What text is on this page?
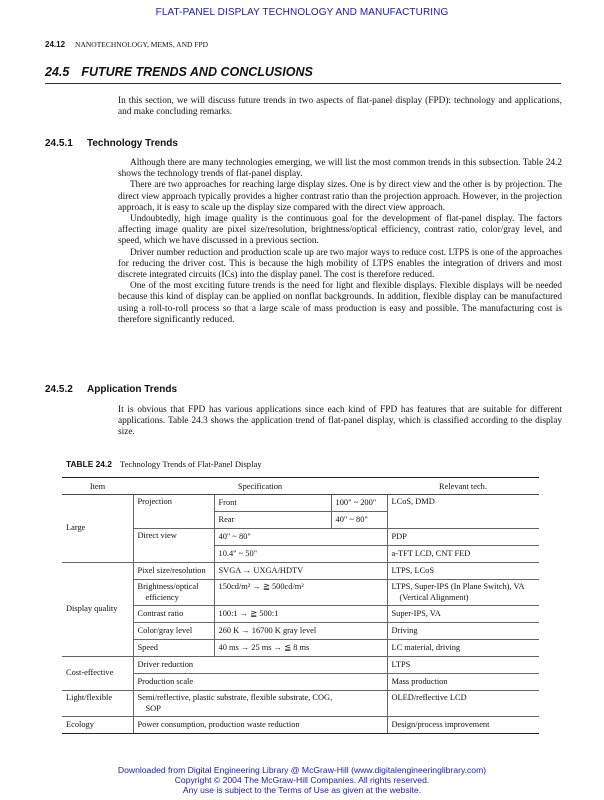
FLAT-PANEL DISPLAY TECHNOLOGY AND MANUFACTURING
24.12 NANOTECHNOLOGY, MEMS, AND FPD
24.5 FUTURE TRENDS AND CONCLUSIONS

In this section, we will discuss future trends in two aspects of flat-panel display (FPD): technology and applications, and make concluding remarks.

24.5.1 Technology Trends

Although there are many technologies emerging, we will list the most common trends in this subsection. Table 24.2 shows the technology trends of flat-panel display.

There are two approaches for reaching large display sizes. One is by direct view and the other is by projection. The direct view approach typically provides a higher contrast ratio than the projection approach. However, in the projection approach, it is easy to scale up the display size compared with the direct view approach.

Undoubtedly, high image quality is the continuous goal for the development of flat-panel display. The factors affecting image quality are pixel size/resolution, brightness/optical efficiency, contrast ratio, color/gray level, and speed, which we have discussed in a previous section.

Driver number reduction and production scale up are two major ways to reduce cost. LTPS is one of the approaches for reducing the driver cost. This is because the high mobility of LTPS enables the integration of drivers and most discrete integrated circuits (ICs) into the display panel. The cost is therefore reduced.

One of the most exciting future trends is the need for light and flexible displays. Flexible displays will be needed because this kind of display can be applied on nonflat backgrounds. In addition, flexible display can be manufactured using a roll-to-roll process so that a large scale of mass production is easy and possible. The manufacturing cost is therefore significantly reduced.

24.5.2 Application Trends

It is obvious that FPD has various applications since each kind of FPD has features that are suitable for different applications. Table 24.3 shows the application trend of flat-panel display, which is classified according to the display size.

TABLE 24.2 Technology Trends of Flat-Panel Display
Item	Specification			Relevant tech.
Large	Projection	Front	100" ~ 200"	LCoS, DMD
		Rear	40" ~ 80"	
	Direct view	40" ~ 80"		PDP
		10.4" ~ 50"		a-TFT LCD, CNT FED
Display quality	Pixel size/resolution	SVGA → UXGA/HDTV		LTPS, LCoS
	Brightness/optical efficiency	150cd/m² → ≧ 500cd/m²		LTPS, Super-IPS (In Plane Switch), VA (Vertical Alignment)
	Contrast ratio	100:1 → ≧ 500:1		Super-IPS, VA
	Color/gray level	260 K → 16700 K gray level		Driving
	Speed	40 ms → 25 ms → ≦ 8 ms		LC material, driving
Cost-effective	Driver reduction			LTPS
	Production scale			Mass production
Light/flexible	Semi/reflective, plastic substrate, flexible substrate, COG, SOP			OLED/reflective LCD
Ecology	Power consumption, production waste reduction			Design/process improvement
Downloaded from Digital Engineering Library @ McGraw-Hill (www.digitalengineeringlibrary.com)
Copyright © 2004 The McGraw-Hill Companies. All rights reserved.
Any use is subject to the Terms of Use as given at the website.
